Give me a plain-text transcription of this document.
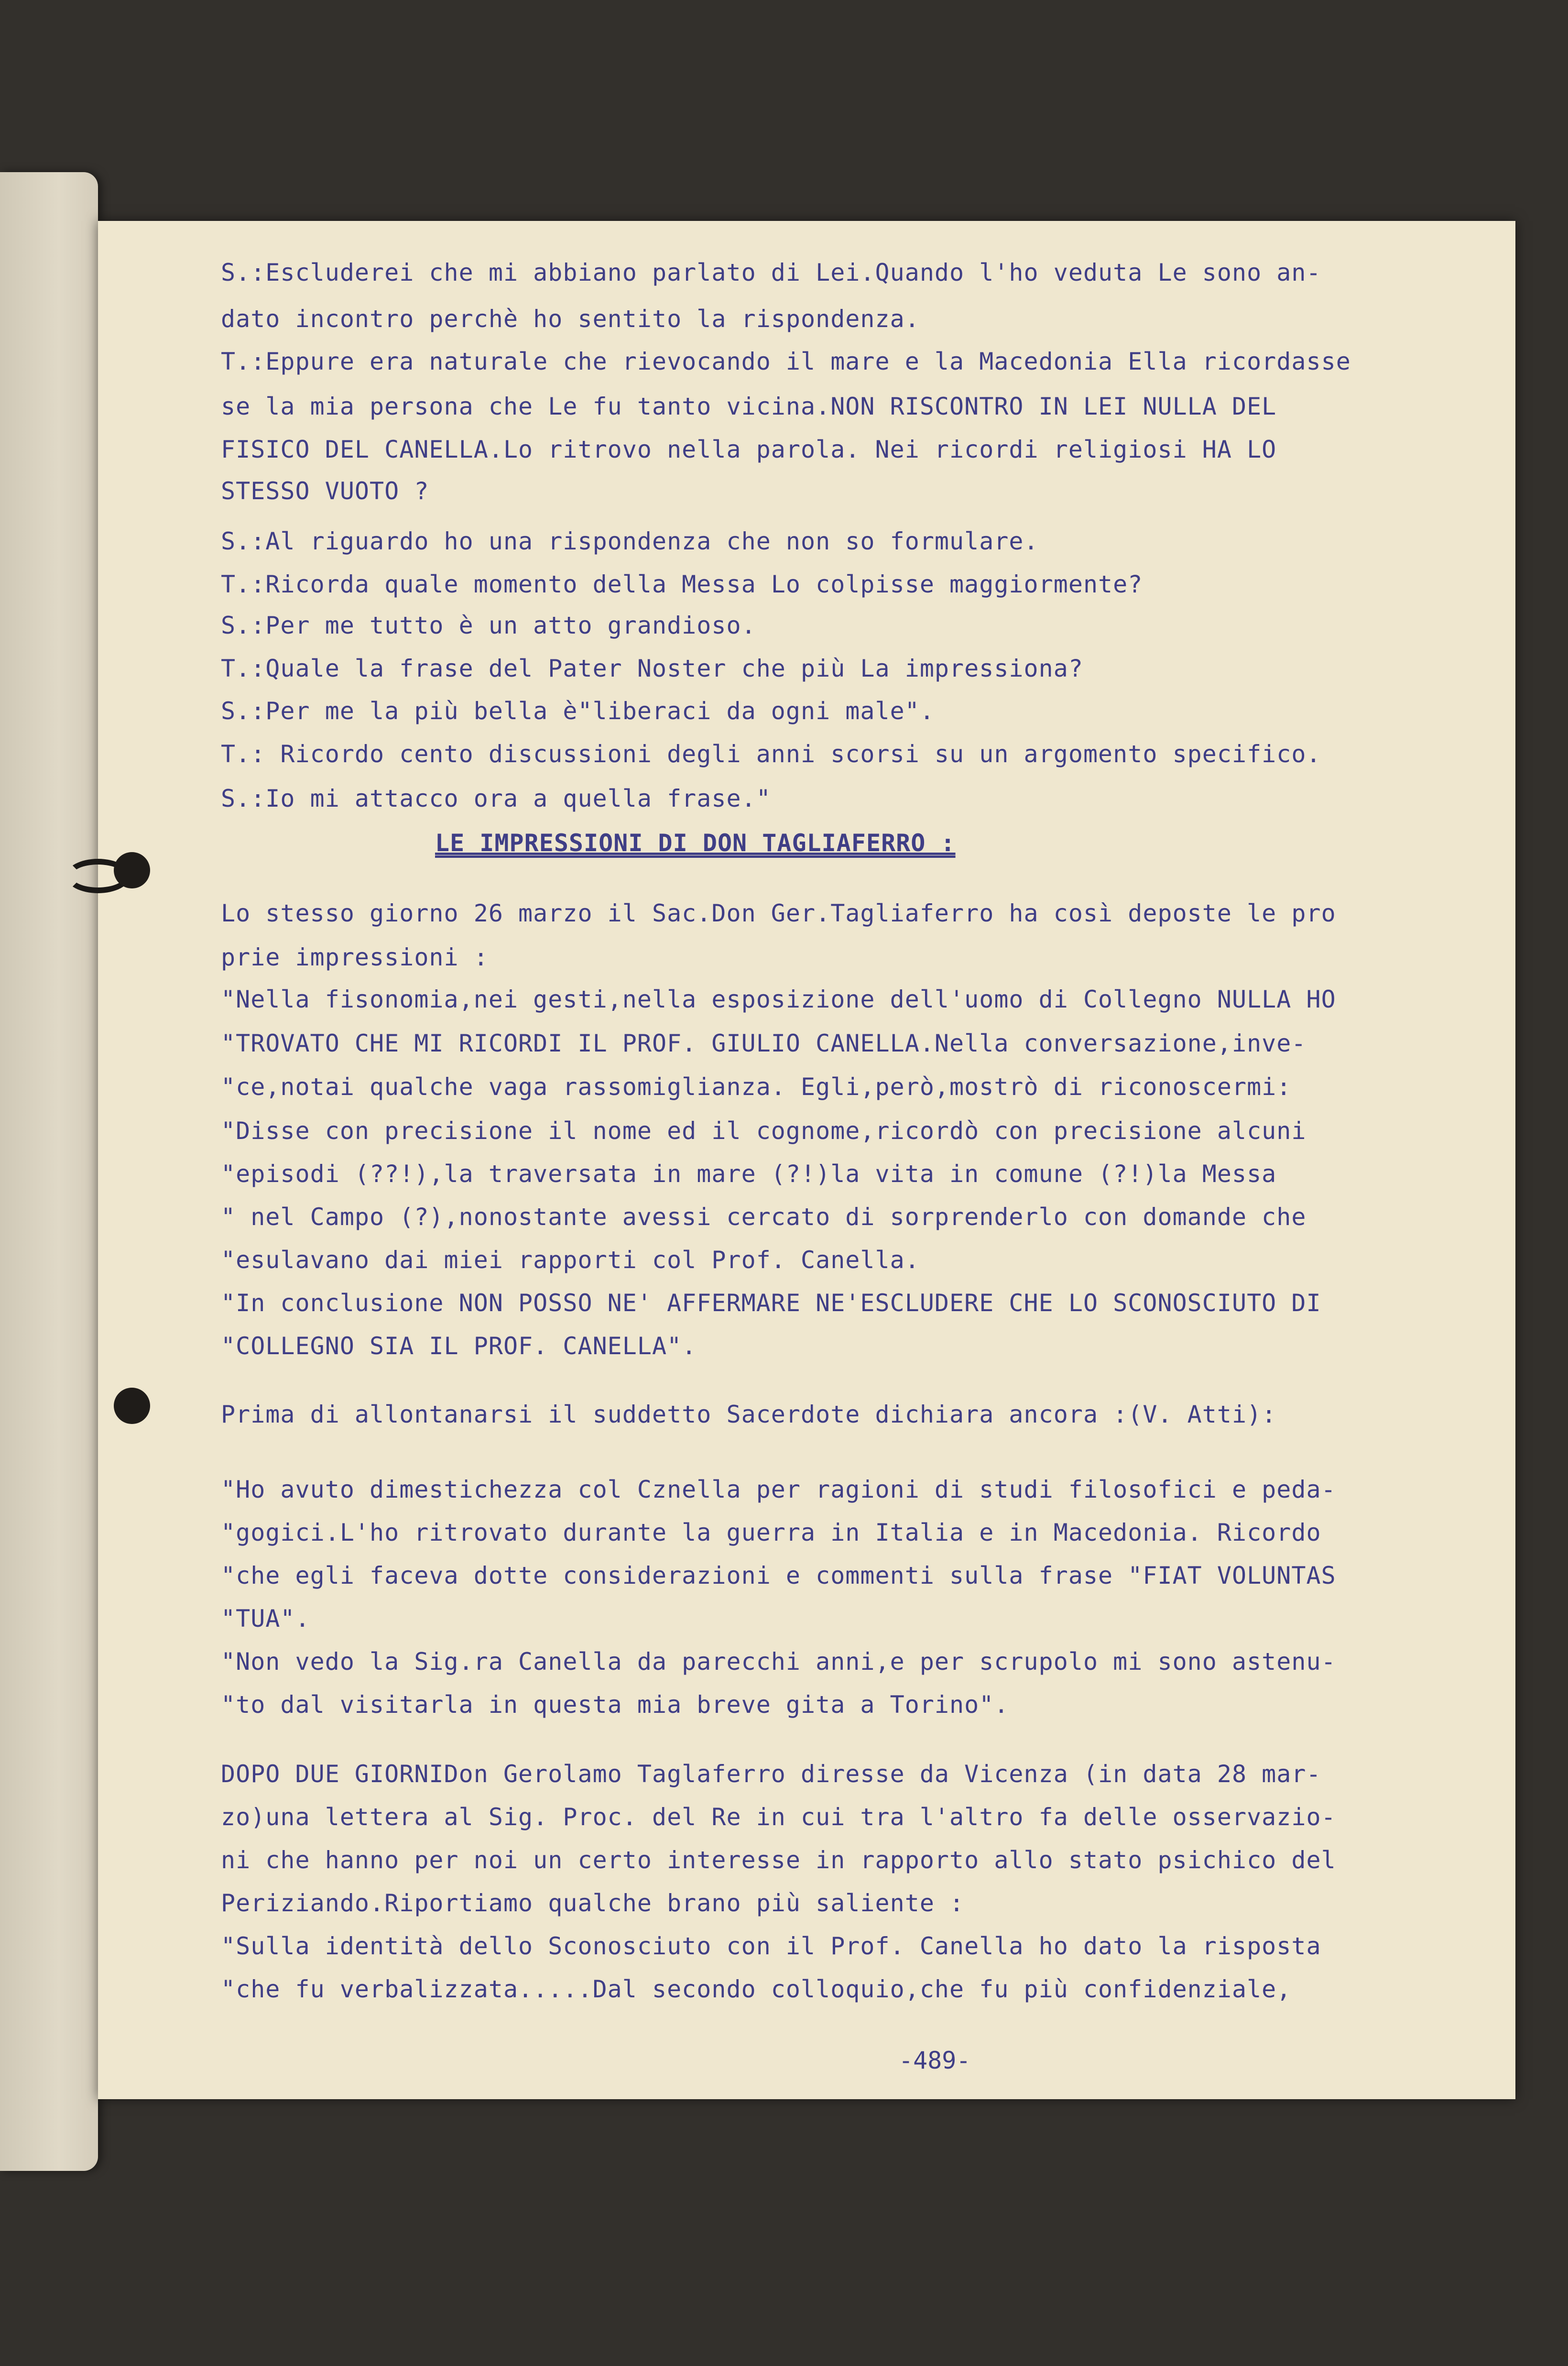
S.:Escluderei che mi abbiano parlato di Lei.Quando l'ho veduta Le sono an-
dato incontro perchè ho sentito la rispondenza.
T.:Eppure era naturale che rievocando il mare e la Macedonia Ella ricordasse
se la mia persona che Le fu tanto vicina.NON RISCONTRO IN LEI NULLA DEL
FISICO DEL CANELLA.Lo ritrovo nella parola. Nei ricordi religiosi HA LO
STESSO VUOTO ?
S.:Al riguardo ho una rispondenza che non so formulare.
T.:Ricorda quale momento della Messa Lo colpisse maggiormente?
S.:Per me tutto è un atto grandioso.
T.:Quale la frase del Pater Noster che più La impressiona?
S.:Per me la più bella è"liberaci da ogni male".
T.: Ricordo cento discussioni degli anni scorsi su un argomento specifico.
S.:Io mi attacco ora a quella frase."
LE IMPRESSIONI DI DON TAGLIAFERRO :
Lo stesso giorno 26 marzo il Sac.Don Ger.Tagliaferro ha così deposte le pro
prie impressioni :
"Nella fisonomia,nei gesti,nella esposizione dell'uomo di Collegno NULLA HO
"TROVATO CHE MI RICORDI IL PROF. GIULIO CANELLA.Nella conversazione,inve-
"ce,notai qualche vaga rassomiglianza. Egli,però,mostrò di riconoscermi:
"Disse con precisione il nome ed il cognome,ricordò con precisione alcuni
"episodi (??!),la traversata in mare (?!)la vita in comune (?!)la Messa
" nel Campo (?),nonostante avessi cercato di sorprenderlo con domande che
"esulavano dai miei rapporti col Prof. Canella.
"In conclusione NON POSSO NE' AFFERMARE NE'ESCLUDERE CHE LO SCONOSCIUTO DI
"COLLEGNO SIA IL PROF. CANELLA".
Prima di allontanarsi il suddetto Sacerdote dichiara ancora :(V. Atti):
"Ho avuto dimestichezza col Cznella per ragioni di studi filosofici e peda-
"gogici.L'ho ritrovato durante la guerra in Italia e in Macedonia. Ricordo
"che egli faceva dotte considerazioni e commenti sulla frase "FIAT VOLUNTAS
"TUA".
"Non vedo la Sig.ra Canella da parecchi anni,e per scrupolo mi sono astenu-
"to dal visitarla in questa mia breve gita a Torino".
DOPO DUE GIORNIDon Gerolamo Taglaferro diresse da Vicenza (in data 28 mar-
zo)una lettera al Sig. Proc. del Re in cui tra l'altro fa delle osservazio-
ni che hanno per noi un certo interesse in rapporto allo stato psichico del
Periziando.Riportiamo qualche brano più saliente :
"Sulla identità dello Sconosciuto con il Prof. Canella ho dato la risposta
"che fu verbalizzata.....Dal secondo colloquio,che fu più confidenziale,
-489-
